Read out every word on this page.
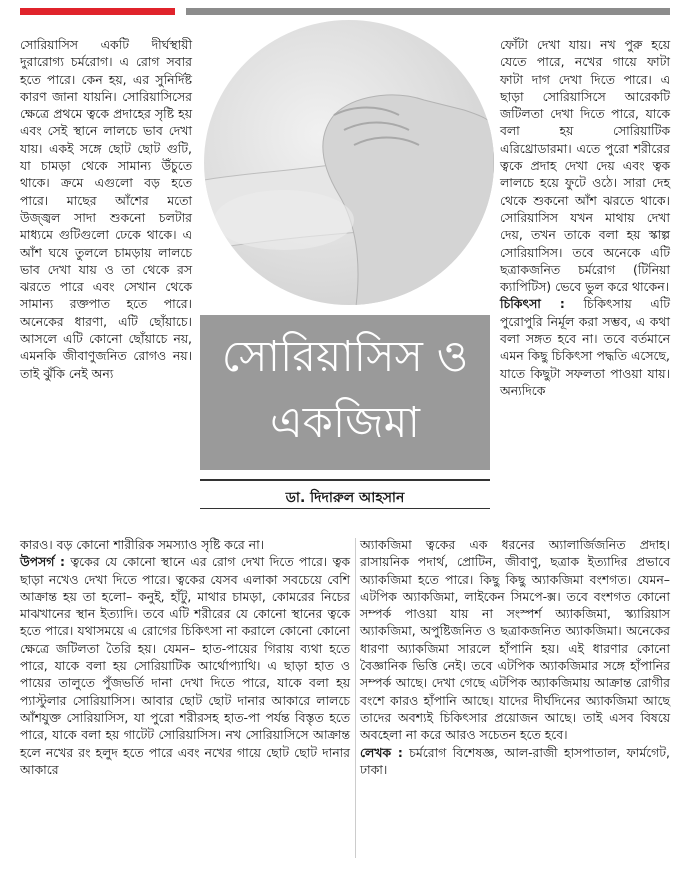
সোরিয়াসিস একটি দীর্ঘস্থায়ী দুরারোগ্য চর্মরোগ। এ রোগ সবার হতে পারে। কেন হয়, এর সুনির্দিষ্ট কারণ জানা যায়নি। সোরিয়াসিসের ক্ষেত্রে প্রথমে ত্বকে প্রদাহের সৃষ্টি হয় এবং সেই স্থানে লালচে ভাব দেখা যায়। একই সঙ্গে ছোট ছোট গুটি, যা চামড়া থেকে সামান্য উঁচুতে থাকে। ক্রমে এগুলো বড় হতে পারে। মাছের আঁশের মতো উজ্জ্বল সাদা শুকনো চলটার মাধ্যমে গুটিগুলো ঢেকে থাকে। এ আঁশ ঘষে তুললে চামড়ায় লালচে ভাব দেখা যায় ও তা থেকে রস ঝরতে পারে এবং সেখান থেকে সামান্য রক্তপাত হতে পারে। অনেকের ধারণা, এটি ছোঁয়াচে। আসলে এটি কোনো ছোঁয়াচে নয়, এমনকি জীবাণুজনিত রোগও নয়। তাই ঝুঁকি নেই অন্য	সোরিয়াসিস ও একজিমা
ডা. দিদারুল আহসান

ফোঁটা দেখা যায়। নখ পুরু হয়ে যেতে পারে, নখের গায়ে ফাটা ফাটা দাগ দেখা দিতে পারে। এ ছাড়া সোরিয়াসিসে আরেকটি জটিলতা দেখা দিতে পারে, যাকে বলা হয় সোরিয়াটিক এরিথ্রোডারমা। এতে পুরো শরীরের ত্বকে প্রদাহ দেখা দেয় এবং ত্বক লালচে হয়ে ফুটে ওঠে। সারা দেহ থেকে শুকনো আঁশ ঝরতে থাকে। সোরিয়াসিস যখন মাথায় দেখা দেয়, তখন তাকে বলা হয় স্কাল্প সোরিয়াসিস। তবে অনেকে এটি ছত্রাকজনিত চর্মরোগ (টিনিয়া ক্যাপিটিস) ভেবে ভুল করে থাকেন।

চিকিৎসা : চিকিৎসায় এটি পুরোপুরি নির্মূল করা সম্ভব, এ কথা বলা সঙ্গত হবে না। তবে বর্তমানে এমন কিছু চিকিৎসা পদ্ধতি এসেছে, যাতে কিছুটা সফলতা পাওয়া যায়। অন্যদিকে

কারও। বড় কোনো শারীরিক সমস্যাও সৃষ্টি করে না।

উপসর্গ : ত্বকের যে কোনো স্থানে এর রোগ দেখা দিতে পারে। ত্বক ছাড়া নখেও দেখা দিতে পারে। ত্বকের যেসব এলাকা সবচেয়ে বেশি আক্রান্ত হয় তা হলো– কনুই, হাঁটু, মাথার চামড়া, কোমরের নিচের মাঝখানের স্থান ইত্যাদি। তবে এটি শরীরের যে কোনো স্থানের ত্বকে হতে পারে। যথাসময়ে এ রোগের চিকিৎসা না করালে কোনো কোনো ক্ষেত্রে জটিলতা তৈরি হয়। যেমন– হাত-পায়ের গিরায় ব্যথা হতে পারে, যাকে বলা হয় সোরিয়াটিক আর্থোপ্যাথি। এ ছাড়া হাত ও পায়ের তালুতে পুঁজভর্তি দানা দেখা দিতে পারে, যাকে বলা হয় প্যাস্টুলার সোরিয়াসিস। আবার ছোট ছোট দানার আকারে লালচে আঁশযুক্ত সোরিয়াসিস, যা পুরো শরীরসহ হাত-পা পর্যন্ত বিস্তৃত হতে পারে, যাকে বলা হয় গাটেট সোরিয়াসিস। নখ সোরিয়াসিসে আক্রান্ত হলে নখের রং হলুদ হতে পারে এবং নখের গায়ে ছোট ছোট দানার আকারে

অ্যাকজিমা ত্বকের এক ধরনের অ্যালার্জিজনিত প্রদাহ। রাসায়নিক পদার্থ, প্রোটিন, জীবাণু, ছত্রাক ইত্যাদির প্রভাবে অ্যাকজিমা হতে পারে। কিছু কিছু অ্যাকজিমা বংশগত। যেমন– এটপিক অ্যাকজিমা, লাইকেন সিমপে-ক্স। তবে বংশগত কোনো সম্পর্ক পাওয়া যায় না সংস্পর্শ অ্যাকজিমা, স্ক্যারিয়াস অ্যাকজিমা, অপুষ্টিজনিত ও ছত্রাকজনিত অ্যাকজিমা। অনেকের ধারণা অ্যাকজিমা সারলে হাঁপানি হয়। এই ধারণার কোনো বৈজ্ঞানিক ভিত্তি নেই। তবে এটপিক অ্যাকজিমার সঙ্গে হাঁপানির সম্পর্ক আছে। দেখা গেছে এটপিক অ্যাকজিমায় আক্রান্ত রোগীর বংশে কারও হাঁপানি আছে। যাদের দীর্ঘদিনের অ্যাকজিমা আছে তাদের অবশ্যই চিকিৎসার প্রয়োজন আছে। তাই এসব বিষয়ে অবহেলা না করে আরও সচেতন হতে হবে।

লেখক : চর্মরোগ বিশেষজ্ঞ, আল-রাজী হাসপাতাল, ফার্মগেট, ঢাকা।
